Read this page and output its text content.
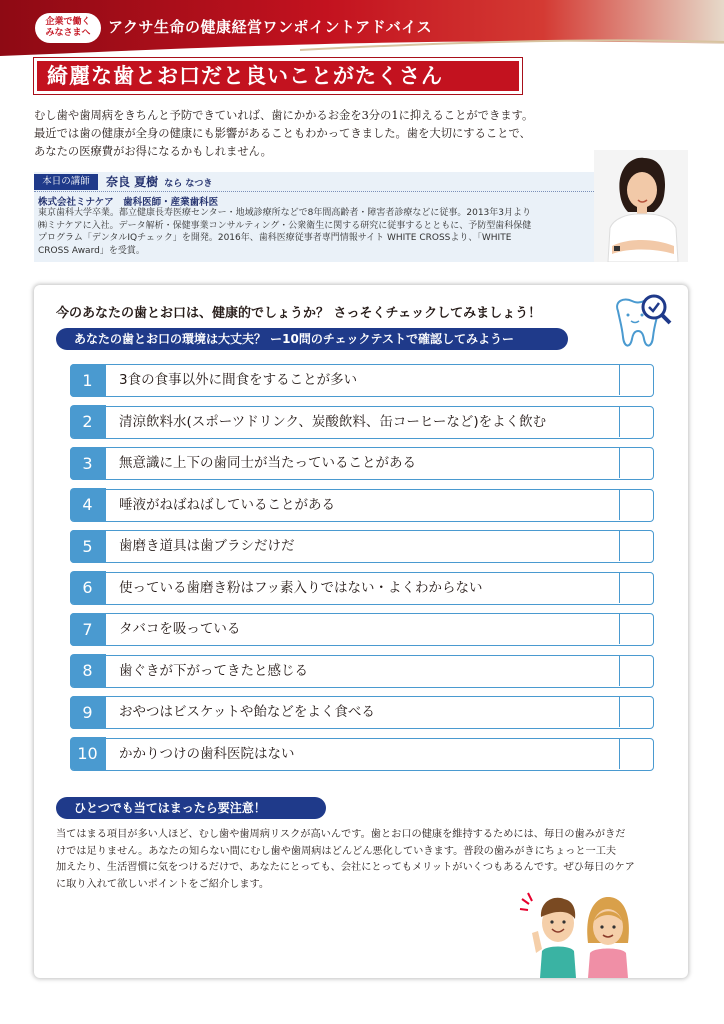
企業で働く
みなさまへ	アクサ生命の健康経営ワンポイントアドバイス
綺麗な歯とお口だと良いことがたくさん

むし歯や歯周病をきちんと予防できていれば、歯にかかるお金を3分の1に抑えることができます。

最近では歯の健康が全身の健康にも影響があることもわかってきました。歯を大切にすることで、

あなたの医療費がお得になるかもしれません。

本日の講師	奈良 夏樹 なら なつき
株式会社ミナケア　歯科医師・産業歯科医
東京歯科大学卒業。都立健康長寿医療センター・地域診療所などで8年間高齢者・障害者診療などに従事。2013年3月より
㈱ミナケアに入社。データ解析・保健事業コンサルティング・公衆衛生に関する研究に従事するとともに、予防型歯科保健
プログラム「デンタルIQチェック」を開発。2016年、歯科医療従事者専門情報サイト WHITE CROSSより、「WHITE
CROSS Award」を受賞。
今のあなたの歯とお口は、健康的でしょうか？ さっそくチェックしてみましょう！
あなたの歯とお口の環境は大丈夫？ ー10問のチェックテストで確認してみようー
1	3食の食事以外に間食をすることが多い
2	清涼飲料水(スポーツドリンク、炭酸飲料、缶コーヒーなど)をよく飲む
3	無意識に上下の歯同士が当たっていることがある
4	唾液がねばねばしていることがある
5	歯磨き道具は歯ブラシだけだ
6	使っている歯磨き粉はフッ素入りではない・よくわからない
7	タバコを吸っている
8	歯ぐきが下がってきたと感じる
9	おやつはビスケットや飴などをよく食べる
10	かかりつけの歯科医院はない
ひとつでも当てはまったら要注意！

当てはまる項目が多い人ほど、むし歯や歯周病リスクが高いんです。歯とお口の健康を維持するためには、毎日の歯みがきだ

けでは足りません。あなたの知らない間にむし歯や歯周病はどんどん悪化していきます。普段の歯みがきにちょっと一工夫

加えたり、生活習慣に気をつけるだけで、あなたにとっても、会社にとってもメリットがいくつもあるんです。ぜひ毎日のケア

に取り入れて欲しいポイントをご紹介します。
